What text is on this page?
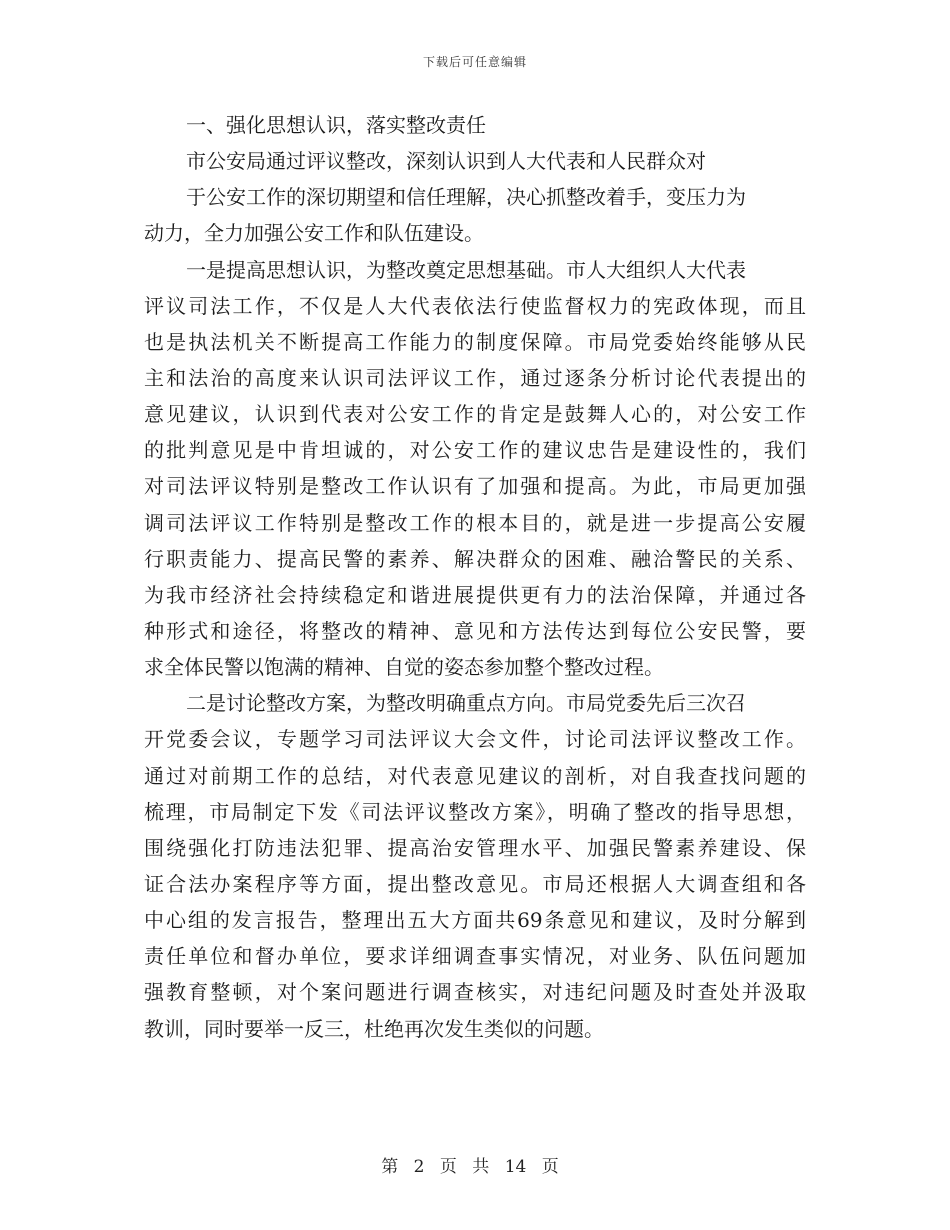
下载后可任意编辑
一、强化思想认识，落实整改责任
市公安局通过评议整改，深刻认识到人大代表和人民群众对
于公安工作的深切期望和信任理解，决心抓整改着手，变压力为
动力，全力加强公安工作和队伍建设。
一是提高思想认识，为整改奠定思想基础。市人大组织人大代表
评议司法工作，不仅是人大代表依法行使监督权力的宪政体现，而且
也是执法机关不断提高工作能力的制度保障。市局党委始终能够从民
主和法治的高度来认识司法评议工作，通过逐条分析讨论代表提出的
意见建议，认识到代表对公安工作的肯定是鼓舞人心的，对公安工作
的批判意见是中肯坦诚的，对公安工作的建议忠告是建设性的，我们
对司法评议特别是整改工作认识有了加强和提高。为此，市局更加强
调司法评议工作特别是整改工作的根本目的，就是进一步提高公安履
行职责能力、提高民警的素养、解决群众的困难、融洽警民的关系、
为我市经济社会持续稳定和谐进展提供更有力的法治保障，并通过各
种形式和途径，将整改的精神、意见和方法传达到每位公安民警，要
求全体民警以饱满的精神、自觉的姿态参加整个整改过程。
二是讨论整改方案，为整改明确重点方向。市局党委先后三次召
开党委会议，专题学习司法评议大会文件，讨论司法评议整改工作。
通过对前期工作的总结，对代表意见建议的剖析，对自我查找问题的
梳理，市局制定下发《司法评议整改方案》，明确了整改的指导思想，
围绕强化打防违法犯罪、提高治安管理水平、加强民警素养建设、保
证合法办案程序等方面，提出整改意见。市局还根据人大调查组和各
中心组的发言报告，整理出五大方面共69条意见和建议，及时分解到
责任单位和督办单位，要求详细调查事实情况，对业务、队伍问题加
强教育整顿，对个案问题进行调查核实，对违纪问题及时查处并汲取
教训，同时要举一反三，杜绝再次发生类似的问题。
第 2 页 共 14 页
